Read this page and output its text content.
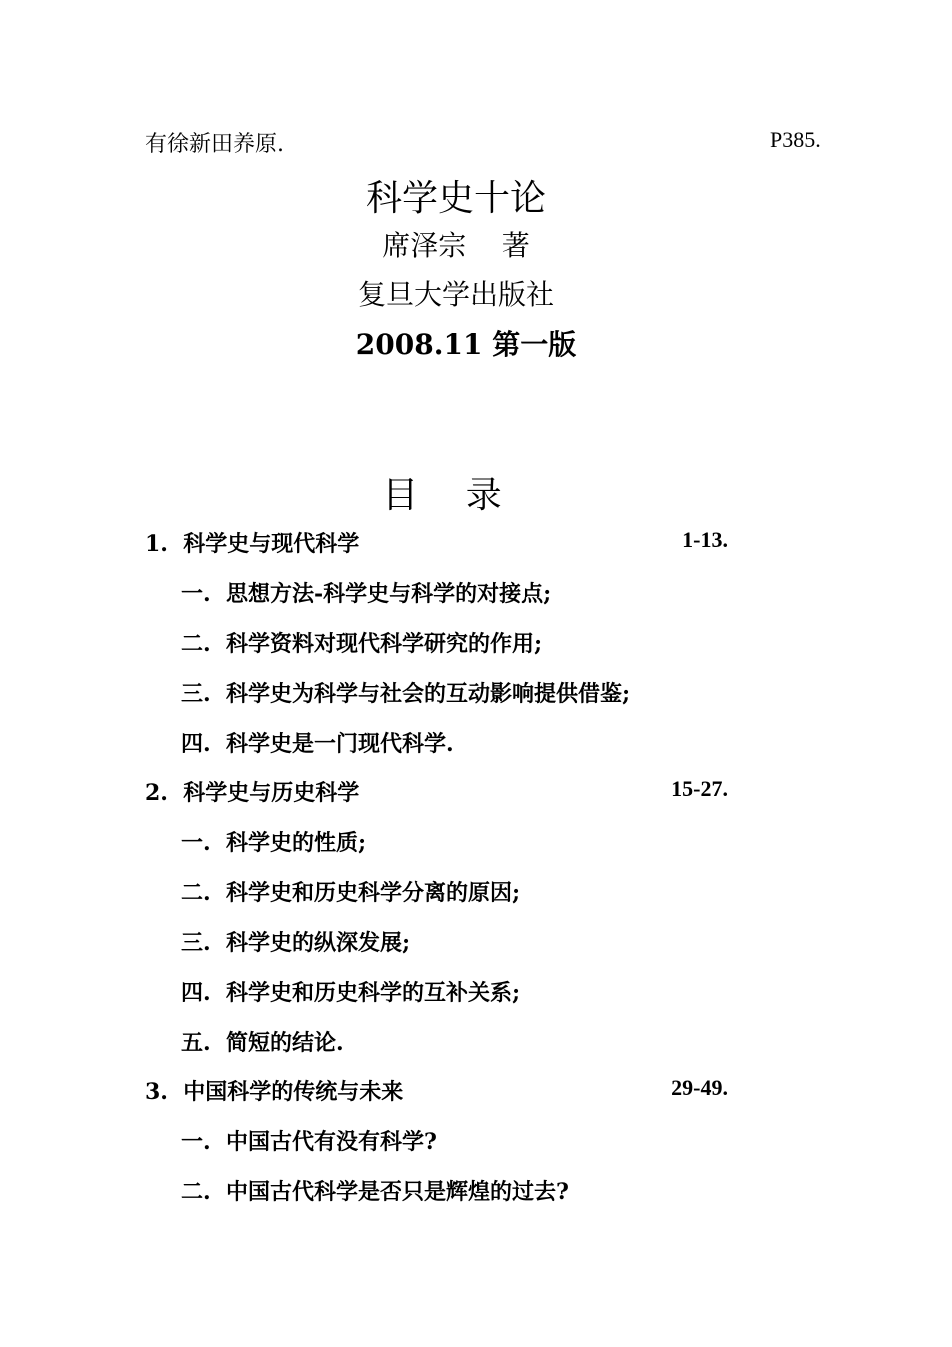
有徐新田养原.	P385.
科学史十论
席泽宗    著
复旦大学出版社
2008.11 第一版
目 录
1.  科学史与现代科学	1-13.
一.  思想方法-科学史与科学的对接点;
二.  科学资料对现代科学研究的作用;
三.  科学史为科学与社会的互动影响提供借鉴;
四.  科学史是一门现代科学.
2.  科学史与历史科学	15-27.
一.  科学史的性质;
二.  科学史和历史科学分离的原因;
三.  科学史的纵深发展;
四.  科学史和历史科学的互补关系;
五.  简短的结论.
3.  中国科学的传统与未来	29-49.
一.  中国古代有没有科学?
二.  中国古代科学是否只是辉煌的过去?
